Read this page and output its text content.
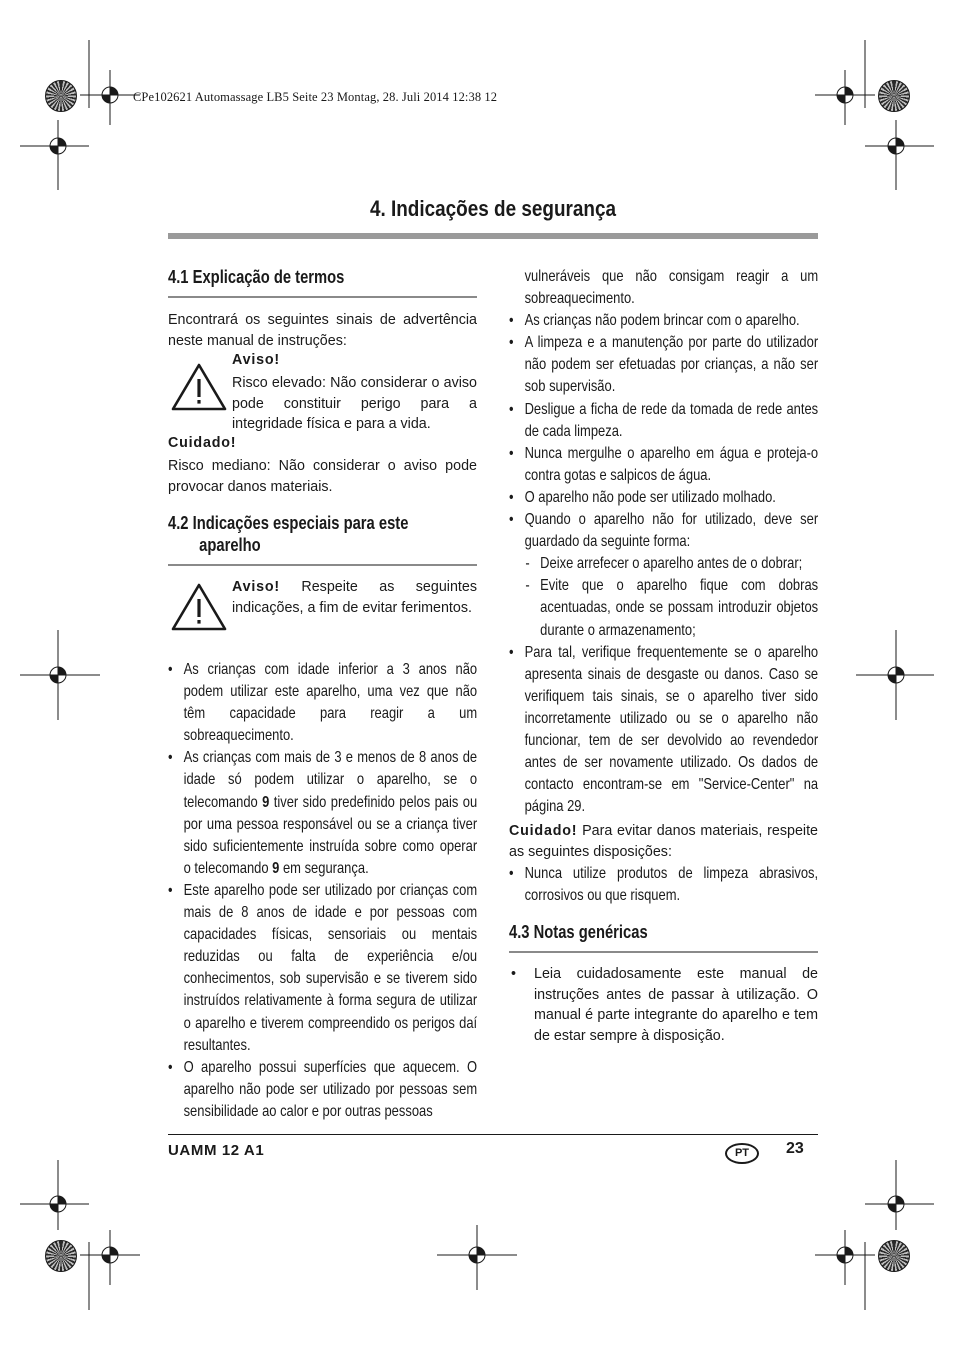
CPe102621 Automassage LB5 Seite 23 Montag, 28. Juli 2014 12:38 12
4. Indicações de segurança
4.1 Explicação de termos
Encontrará os seguintes sinais de advertência neste manual de instruções:
Aviso!
Risco elevado: Não considerar o aviso pode constituir perigo para a integridade física e para a vida.
Cuidado!
Risco mediano: Não considerar o aviso pode provocar danos materiais.
4.2 Indicações especiais para este
aparelho
Aviso! Respeite as seguintes indicações, a fim de evitar ferimentos.
• As crianças com idade inferior a 3 anos não podem utilizar este aparelho, uma vez que não têm capacidade para reagir a um sobreaquecimento.
• As crianças com mais de 3 e menos de 8 anos de idade só podem utilizar o aparelho, se o telecomando 9 tiver sido predefinido pelos pais ou por uma pessoa responsável ou se a criança tiver sido suficientemente instruída sobre como operar o telecomando 9 em segurança.
• Este aparelho pode ser utilizado por crianças com mais de 8 anos de idade e por pessoas com capacidades físicas, sensoriais ou mentais reduzidas ou falta de experiência e/ou conhecimentos, sob supervisão e se tiverem sido instruídos relativamente à forma segura de utilizar o aparelho e tiverem compreendido os perigos daí resultantes.
• O aparelho possui superfícies que aquecem. O aparelho não pode ser utilizado por pessoas sem sensibilidade ao calor e por outras pessoas
vulneráveis que não consigam reagir a um sobreaquecimento.
• As crianças não podem brincar com o aparelho.
• A limpeza e a manutenção por parte do utilizador não podem ser efetuadas por crianças, a não ser sob supervisão.
• Desligue a ficha de rede da tomada de rede antes de cada limpeza.
• Nunca mergulhe o aparelho em água e proteja-o contra gotas e salpicos de água.
• O aparelho não pode ser utilizado molhado.
• Quando o aparelho não for utilizado, deve ser guardado da seguinte forma:
- Deixe arrefecer o aparelho antes de o dobrar;
- Evite que o aparelho fique com dobras acentuadas, onde se possam introduzir objetos durante o armazenamento;
• Para tal, verifique frequentemente se o aparelho apresenta sinais de desgaste ou danos. Caso se verifiquem tais sinais, se o aparelho tiver sido incorretamente utilizado ou se o aparelho não funcionar, tem de ser devolvido ao revendedor antes de ser novamente utilizado. Os dados de contacto encontram-se em "Service-Center" na página 29.
Cuidado! Para evitar danos materiais, respeite as seguintes disposições:
• Nunca utilize produtos de limpeza abrasivos, corrosivos ou que risquem.
4.3 Notas genéricas
• Leia cuidadosamente este manual de instruções antes de passar à utilização. O manual é parte integrante do aparelho e tem de estar sempre à disposição.
UAMM 12 A1	PT	23
